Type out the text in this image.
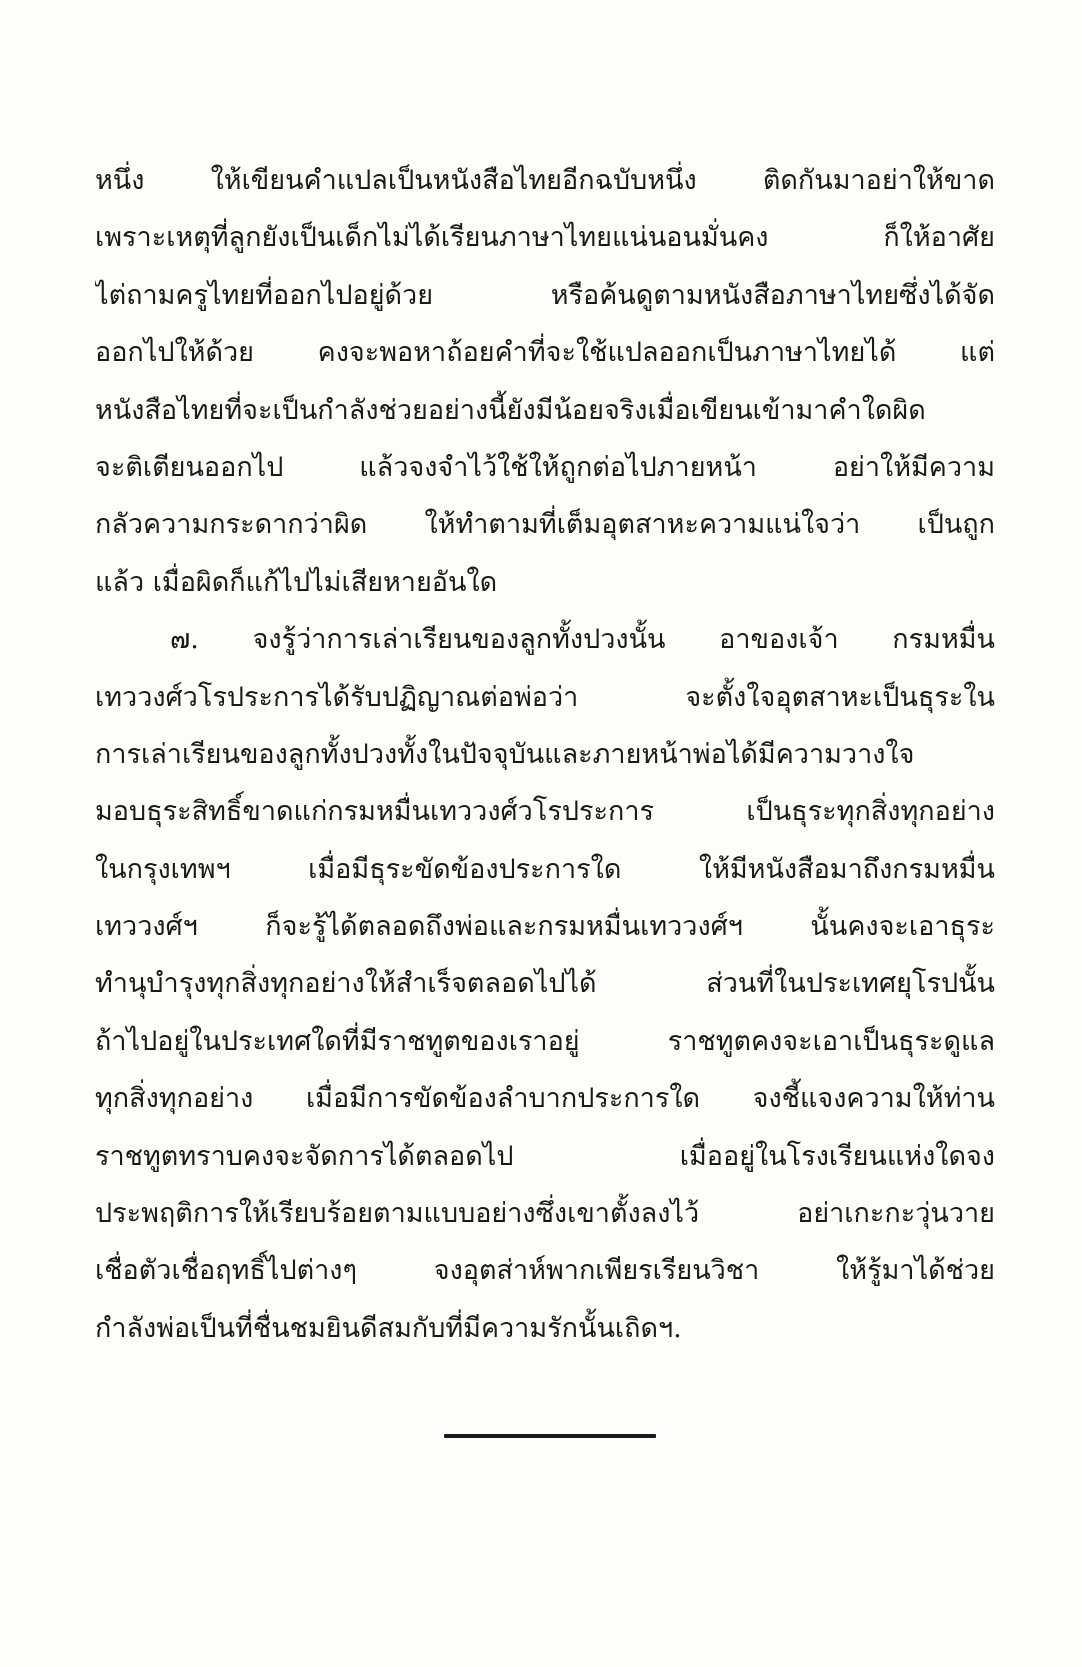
หนึ่ง ให้เขียนคำแปลเป็นหนังสือไทยอีกฉบับหนึ่ง ติดกันมาอย่าให้ขาด
เพราะเหตุที่ลูกยังเป็นเด็กไม่ได้เรียนภาษาไทยแน่นอนมั่นคง ก็ให้อาศัย
ไต่ถามครูไทยที่ออกไปอยู่ด้วย หรือค้นดูตามหนังสือภาษาไทยซึ่งได้จัด
ออกไปให้ด้วย คงจะพอหาถ้อยคำที่จะใช้แปลออกเป็นภาษาไทยได้ แต่
หนังสือไทยที่จะเป็นกำลังช่วยอย่างนี้ยังมีน้อยจริงเมื่อเขียนเข้ามาคำใดผิด
จะติเตียนออกไป แล้วจงจำไว้ใช้ให้ถูกต่อไปภายหน้า อย่าให้มีความ
กลัวความกระดากว่าผิด ให้ทำตามที่เต็มอุตสาหะความแน่ใจว่า เป็นถูก
แล้ว เมื่อผิดก็แก้ไปไม่เสียหายอันใด
๗. จงรู้ว่าการเล่าเรียนของลูกทั้งปวงนั้น อาของเจ้า กรมหมื่น
เทววงศ์วโรประการได้รับปฏิญาณต่อพ่อว่า จะตั้งใจอุตสาหะเป็นธุระใน
การเล่าเรียนของลูกทั้งปวงทั้งในปัจจุบันและภายหน้าพ่อได้มีความวางใจ
มอบธุระสิทธิ์ขาดแก่กรมหมื่นเทววงศ์วโรประการ เป็นธุระทุกสิ่งทุกอย่าง
ในกรุงเทพฯ เมื่อมีธุระขัดข้องประการใด ให้มีหนังสือมาถึงกรมหมื่น
เทววงศ์ฯ ก็จะรู้ได้ตลอดถึงพ่อและกรมหมื่นเทววงศ์ฯ นั้นคงจะเอาธุระ
ทำนุบำรุงทุกสิ่งทุกอย่างให้สำเร็จตลอดไปได้ ส่วนที่ในประเทศยุโรปนั้น
ถ้าไปอยู่ในประเทศใดที่มีราชทูตของเราอยู่ ราชทูตคงจะเอาเป็นธุระดูแล
ทุกสิ่งทุกอย่าง เมื่อมีการขัดข้องลำบากประการใด จงชี้แจงความให้ท่าน
ราชทูตทราบคงจะจัดการได้ตลอดไป เมื่ออยู่ในโรงเรียนแห่งใดจง
ประพฤติการให้เรียบร้อยตามแบบอย่างซึ่งเขาตั้งลงไว้ อย่าเกะกะวุ่นวาย
เชื่อตัวเชื่อฤทธิ์ไปต่างๆ จงอุตส่าห์พากเพียรเรียนวิชา ให้รู้มาได้ช่วย
กำลังพ่อเป็นที่ชื่นชมยินดีสมกับที่มีความรักนั้นเถิดฯ.
